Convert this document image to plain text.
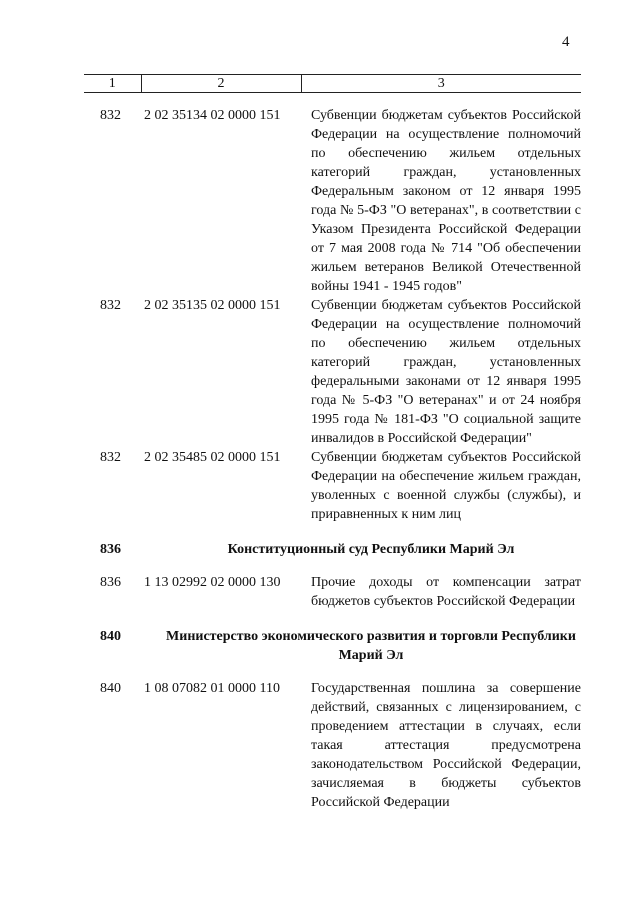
4
1	2	3
832	2 02 35134 02 0000 151	Субвенции бюджетам субъектов Российской Федерации на осуществление полномочий по обеспечению жильем отдельных категорий граждан, установленных Федеральным законом от 12 января 1995 года № 5-ФЗ "О ветеранах", в соответствии с Указом Президента Российской Федерации от 7 мая 2008 года № 714 "Об обеспечении жильем ветеранов Великой Отечественной войны 1941 - 1945 годов"
832	2 02 35135 02 0000 151	Субвенции бюджетам субъектов Российской Федерации на осуществление полномочий по обеспечению жильем отдельных категорий граждан, установленных федеральными законами от 12 января 1995 года № 5-ФЗ "О ветеранах" и от 24 ноября 1995 года № 181-ФЗ "О социальной защите инвалидов в Российской Федерации"
832	2 02 35485 02 0000 151	Субвенции бюджетам субъектов Российской Федерации на обеспечение жильем граждан, уволенных с военной службы (службы), и приравненных к ним лиц
836	Конституционный суд Республики Марий Эл	
836	1 13 02992 02 0000 130	Прочие доходы от компенсации затрат бюджетов субъектов Российской Федерации
840	Министерство экономического развития и торговли Республики Марий Эл	
840	1 08 07082 01 0000 110	Государственная пошлина за совершение действий, связанных с лицензированием, с проведением аттестации в случаях, если такая аттестация предусмотрена законодательством Российской Федерации, зачисляемая в бюджеты субъектов Российской Федерации
